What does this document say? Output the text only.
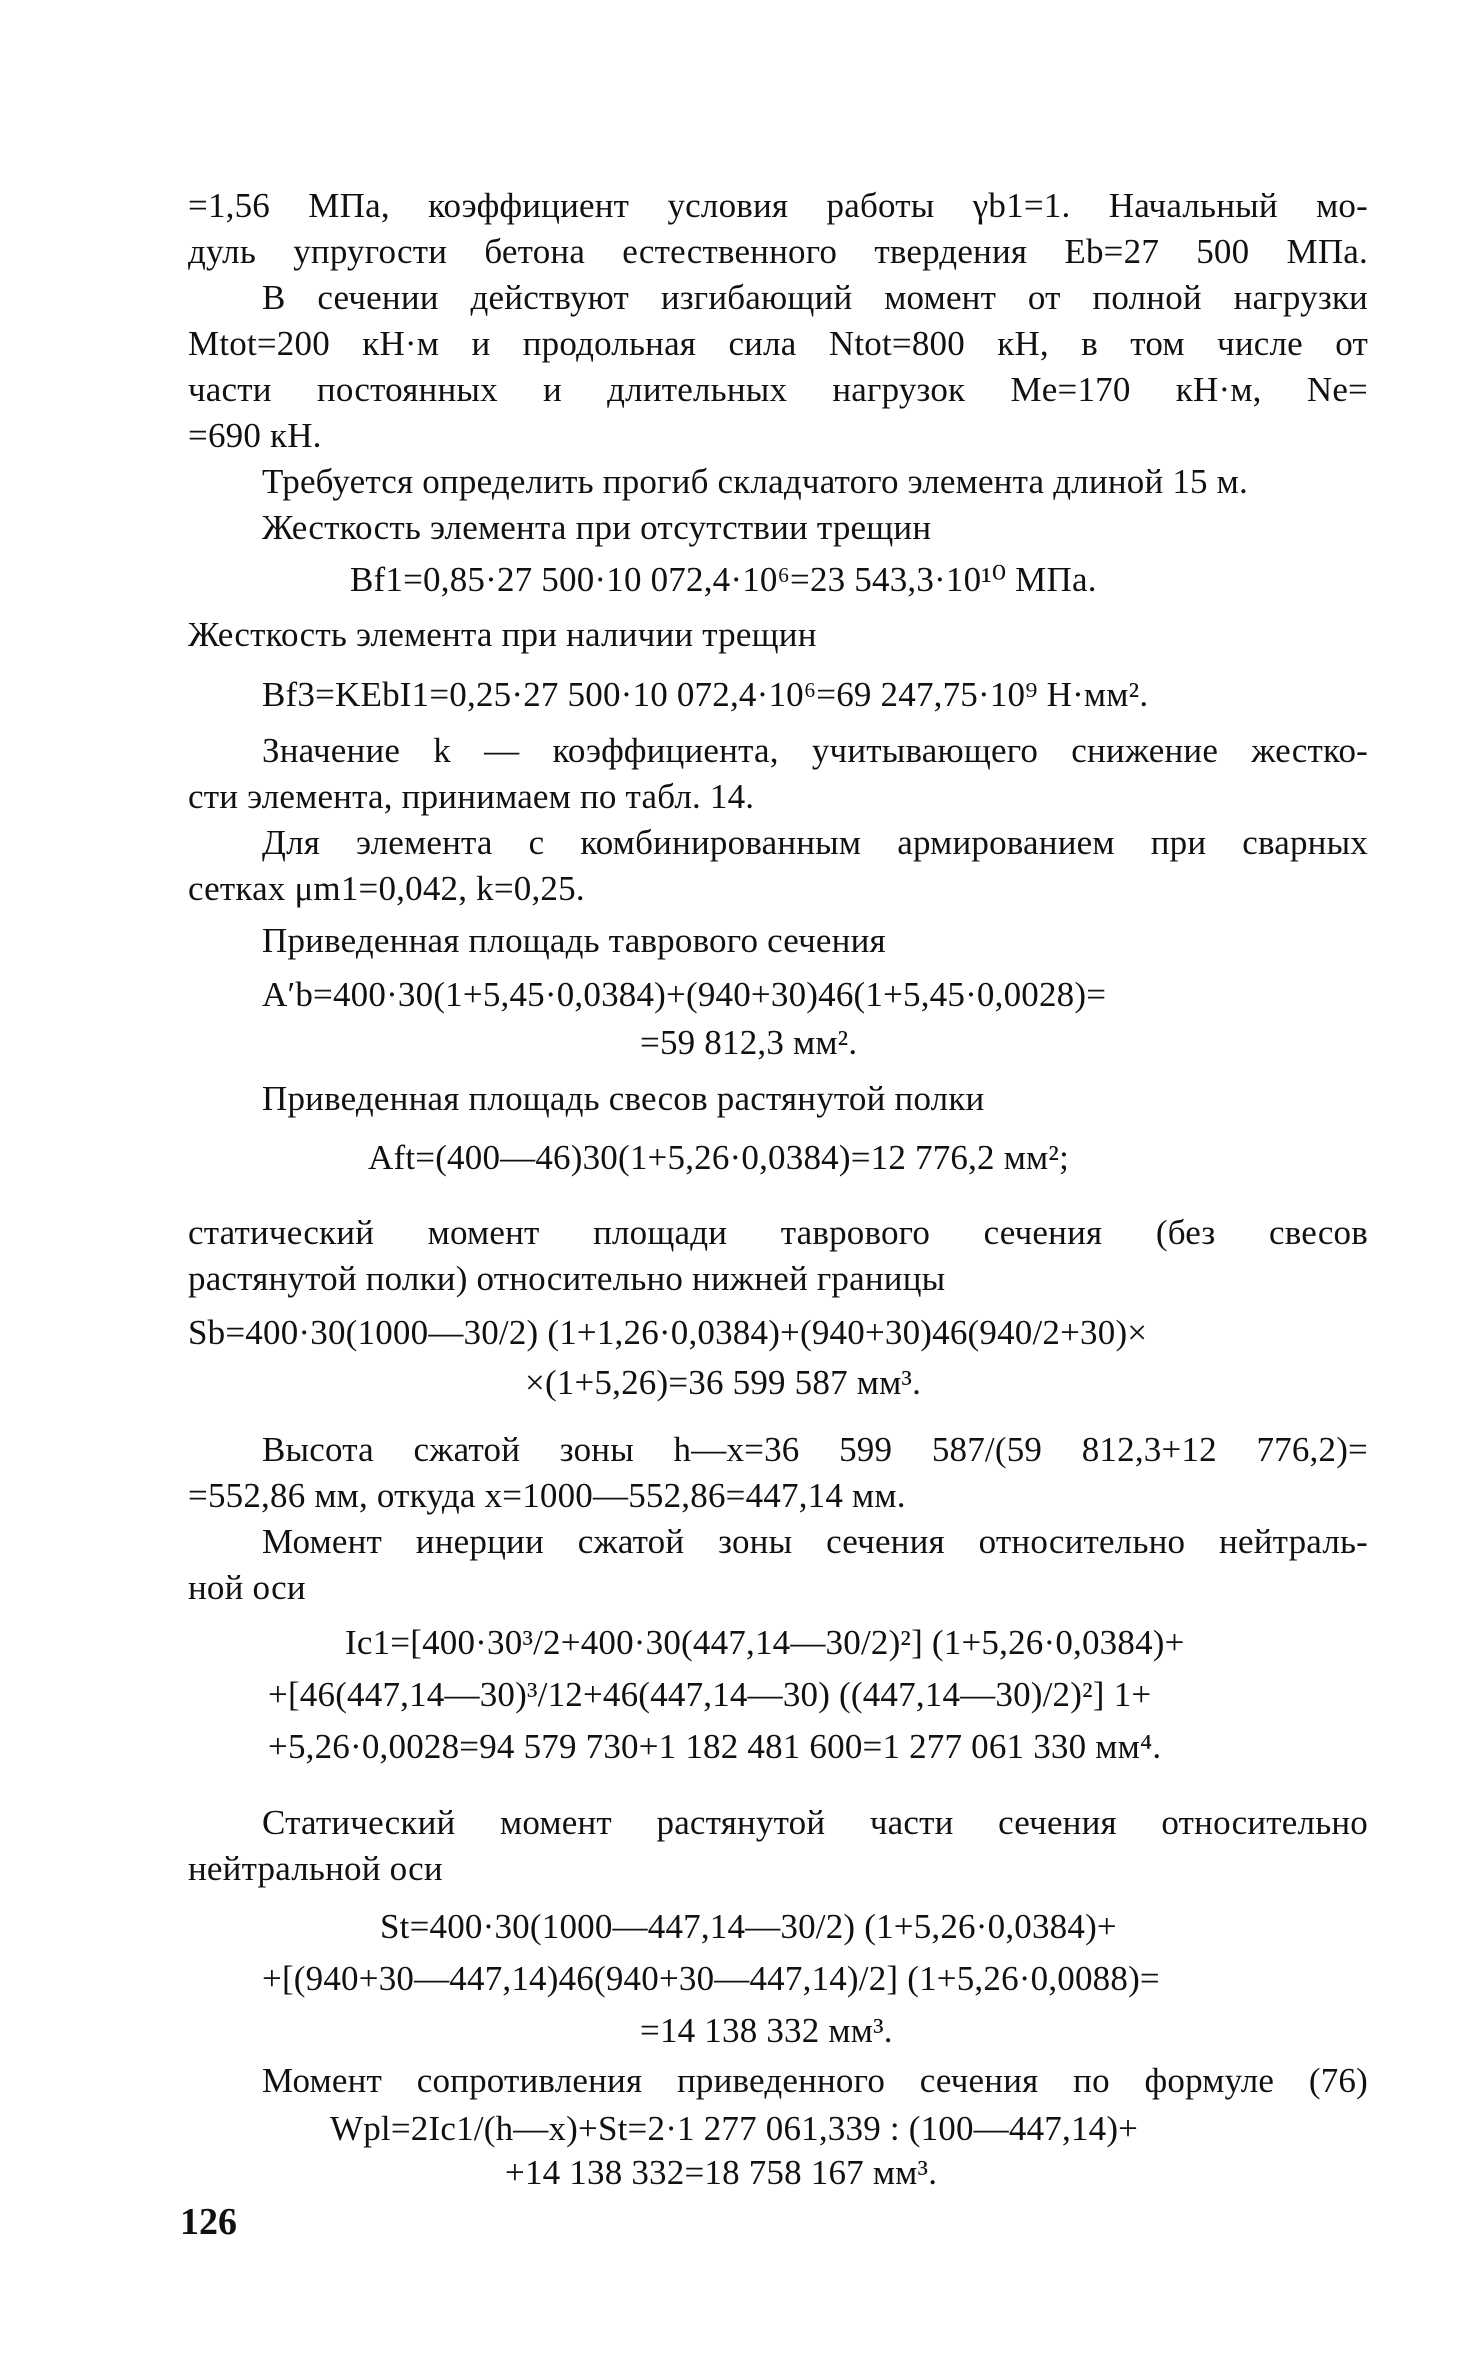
=1,56 МПа, коэффициент условия работы γb1=1. Начальный мо-
дуль упругости бетона естественного твердения Eb=27 500 МПа.
В сечении действуют изгибающий момент от полной нагрузки
Mtot=200 кН·м и продольная сила Ntot=800 кН, в том числе от
части постоянных и длительных нагрузок Me=170 кН·м, Ne=
=690 кН.
Требуется определить прогиб складчатого элемента длиной 15 м.
Жесткость элемента при отсутствии трещин
Bf1=0,85·27 500·10 072,4·10⁶=23 543,3·10¹⁰ МПа.
Жесткость элемента при наличии трещин
Bf3=KEbI1=0,25·27 500·10 072,4·10⁶=69 247,75·10⁹ Н·мм².
Значение k — коэффициента, учитывающего снижение жестко-
сти элемента, принимаем по табл. 14.
Для элемента с комбинированным армированием при сварных
сетках μm1=0,042, k=0,25.
Приведенная площадь таврового сечения
A′b=400·30(1+5,45·0,0384)+(940+30)46(1+5,45·0,0028)=
=59 812,3 мм².
Приведенная площадь свесов растянутой полки
Aft=(400—46)30(1+5,26·0,0384)=12 776,2 мм²;
статический момент площади таврового сечения (без свесов
растянутой полки) относительно нижней границы
Sb=400·30(1000—30/2) (1+1,26·0,0384)+(940+30)46(940/2+30)×
×(1+5,26)=36 599 587 мм³.
Высота сжатой зоны h—x=36 599 587/(59 812,3+12 776,2)=
=552,86 мм, откуда x=1000—552,86=447,14 мм.
Момент инерции сжатой зоны сечения относительно нейтраль-
ной оси
Ic1=[400·30³/2+400·30(447,14—30/2)²] (1+5,26·0,0384)+
+[46(447,14—30)³/12+46(447,14—30) ((447,14—30)/2)²] 1+
+5,26·0,0028=94 579 730+1 182 481 600=1 277 061 330 мм⁴.
Статический момент растянутой части сечения относительно
нейтральной оси
St=400·30(1000—447,14—30/2) (1+5,26·0,0384)+
+[(940+30—447,14)46(940+30—447,14)/2] (1+5,26·0,0088)=
=14 138 332 мм³.
Момент сопротивления приведенного сечения по формуле (76)
Wpl=2Ic1/(h—x)+St=2·1 277 061,339 : (100—447,14)+
+14 138 332=18 758 167 мм³.
126
